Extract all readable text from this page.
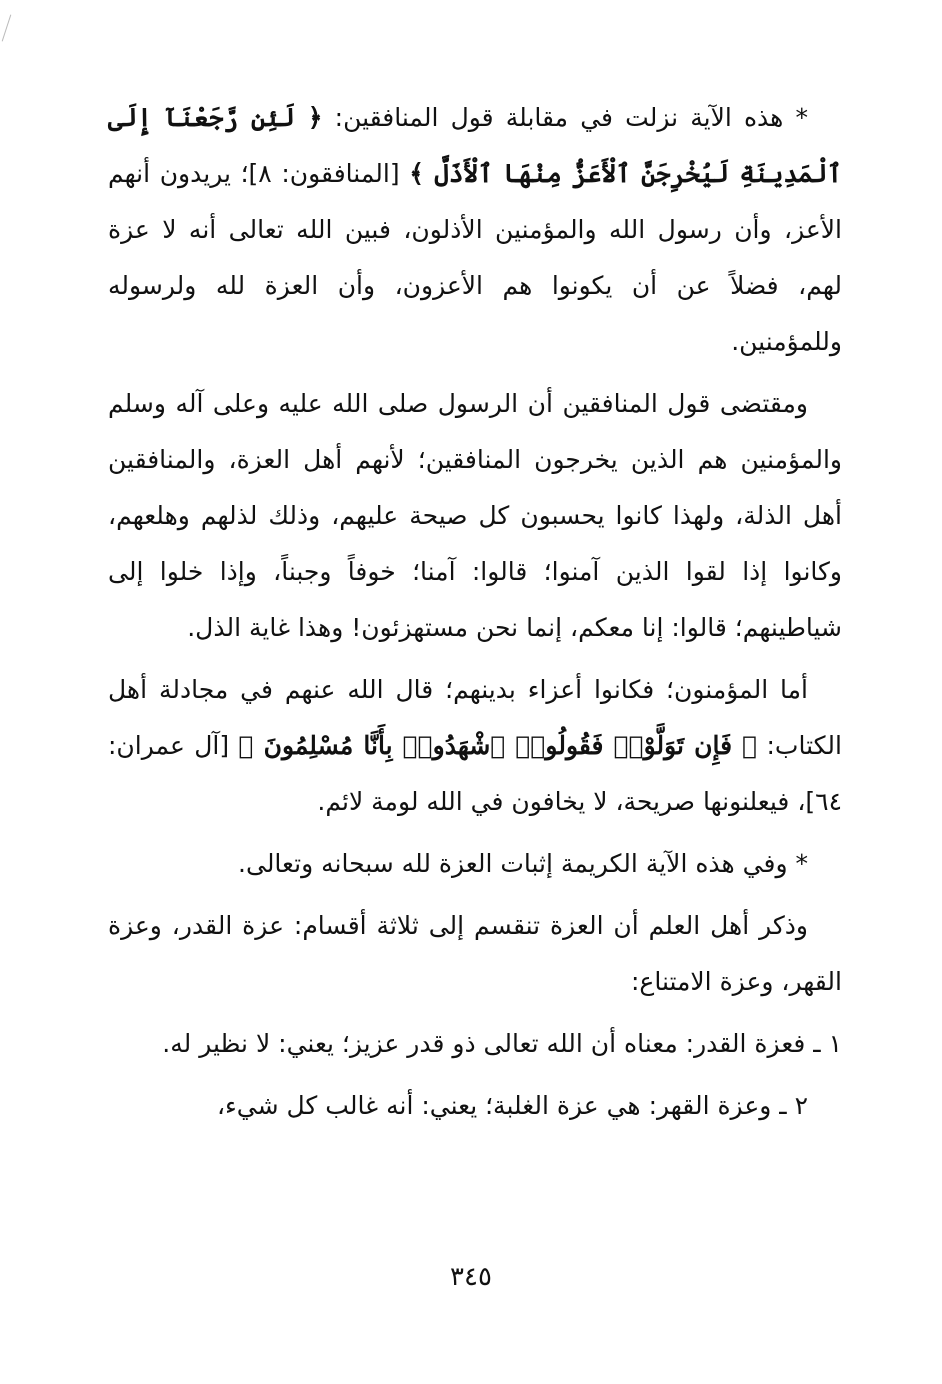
* هذه الآية نزلت في مقابلة قول المنافقين: ﴿ لَئِن رَّجَعْنَآ إِلَى ٱلْمَدِينَةِ لَيُخْرِجَنَّ ٱلْأَعَزُّ مِنْهَا ٱلْأَذَلَّ ﴾ [المنافقون: ٨]؛ يريدون أنهم الأعز، وأن رسول الله والمؤمنين الأذلون، فبين الله تعالى أنه لا عزة لهم، فضلاً عن أن يكونوا هم الأعزون، وأن العزة لله ولرسوله وللمؤمنين.

ومقتضى قول المنافقين أن الرسول صلى الله عليه وعلى آله وسلم والمؤمنين هم الذين يخرجون المنافقين؛ لأنهم أهل العزة، والمنافقين أهل الذلة، ولهذا كانوا يحسبون كل صيحة عليهم، وذلك لذلهم وهلعهم، وكانوا إذا لقوا الذين آمنوا؛ قالوا: آمنا؛ خوفاً وجبناً، وإذا خلوا إلى شياطينهم؛ قالوا: إنا معكم، إنما نحن مستهزئون! وهذا غاية الذل.

أما المؤمنون؛ فكانوا أعزاء بدينهم؛ قال الله عنهم في مجادلة أهل الكتاب: ﴿ فَإِن تَوَلَّوْا۟ فَقُولُوا۟ ٱشْهَدُوا۟ بِأَنَّا مُسْلِمُونَ ﴾ [آل عمران: ٦٤]، فيعلنونها صريحة، لا يخافون في الله لومة لائم.

* وفي هذه الآية الكريمة إثبات العزة لله سبحانه وتعالى.

وذكر أهل العلم أن العزة تنقسم إلى ثلاثة أقسام: عزة القدر، وعزة القهر، وعزة الامتناع:

١ ـ فعزة القدر: معناه أن الله تعالى ذو قدر عزيز؛ يعني: لا نظير له.

٢ ـ وعزة القهر: هي عزة الغلبة؛ يعني: أنه غالب كل شيء،

٣٤٥
